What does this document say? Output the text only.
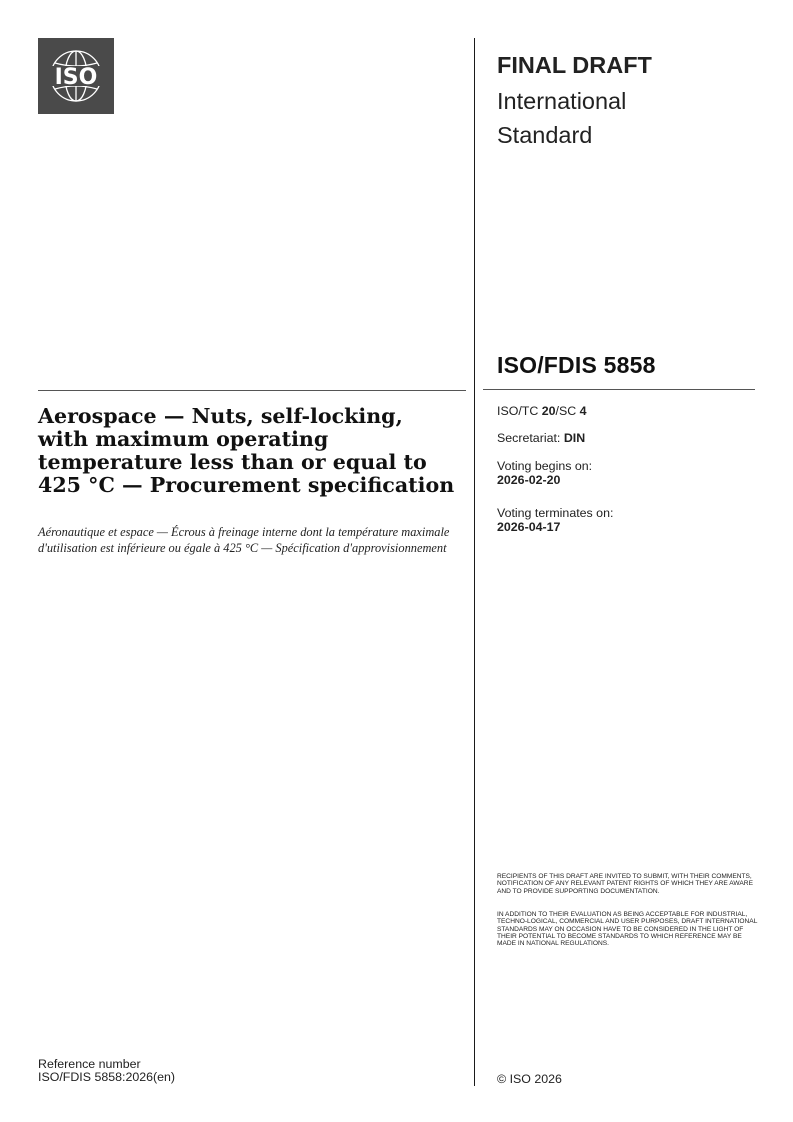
ISO	FINAL DRAFT
International
Standard
ISO/FDIS 5858
Aerospace — Nuts, self-locking, with maximum operating temperature less than or equal to 425 °C — Procurement specification
Aéronautique et espace — Écrous à freinage interne dont la température maximale d'utilisation est inférieure ou égale à 425 °C — Spécification d'approvisionnement
ISO/TC 20/SC 4
Secretariat: DIN
Voting begins on:
2026-02-20
Voting terminates on:
2026-04-17
RECIPIENTS OF THIS DRAFT ARE INVITED TO SUBMIT, WITH THEIR COMMENTS, NOTIFICATION OF ANY RELEVANT PATENT RIGHTS OF WHICH THEY ARE AWARE AND TO PROVIDE SUPPORTING DOCUMENTATION.
IN ADDITION TO THEIR EVALUATION AS BEING ACCEPTABLE FOR INDUSTRIAL, TECHNO-LOGICAL, COMMERCIAL AND USER PURPOSES, DRAFT INTERNATIONAL STANDARDS MAY ON OCCASION HAVE TO BE CONSIDERED IN THE LIGHT OF THEIR POTENTIAL TO BECOME STANDARDS TO WHICH REFERENCE MAY BE MADE IN NATIONAL REGULATIONS.
Reference number
ISO/FDIS 5858:2026(en)	© ISO 2026
